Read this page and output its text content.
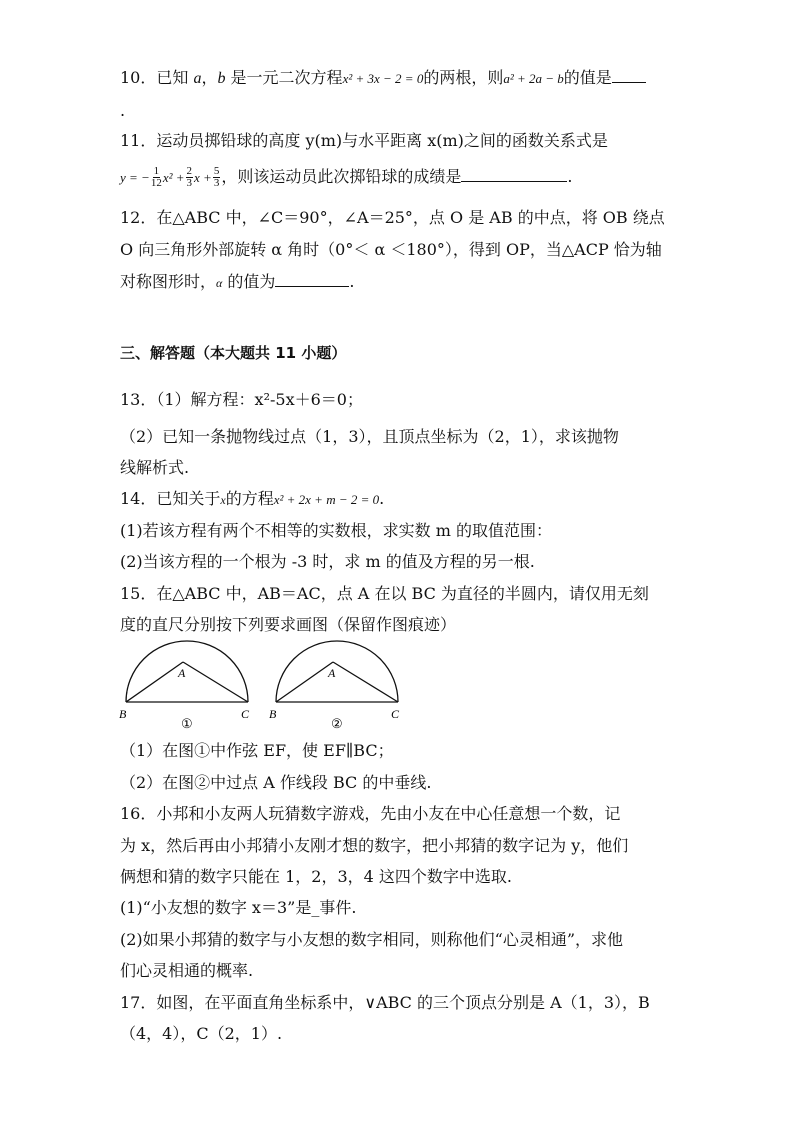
10．已知 a，b 是一元二次方程x² + 3x − 2 = 0的两根，则a² + 2a − b的值是
.
11．运动员掷铅球的高度 y(m)与水平距离 x(m)之间的函数关系式是
y = − $\frac{1}{12} x^2 + \frac{2}{3}$ $x + \frac{5}{3}$ ，则该运动员此次掷铅球的成绩是	.
12．在△ABC 中，∠C＝90°，∠A＝25°，点 O 是 AB 的中点，将 OB 绕点
O 向三角形外部旋转 α 角时（0°＜ α ＜180°），得到 OP，当△ACP 恰为轴
对称图形时，α 的值为	.
三、解答题（本大题共 11 小题）
13．（1）解方程：x²-5x＋6＝0；
（2）已知一条抛物线过点（1，3），且顶点坐标为（2，1），求该抛物
线解析式.
14．已知关于x的方程x² + 2x + m − 2 = 0.
(1)若该方程有两个不相等的实数根，求实数 m 的取值范围：
(2)当该方程的一个根为 -3 时，求 m 的值及方程的另一根.
15．在△ABC 中，AB＝AC，点 A 在以 BC 为直径的半圆内，请仅用无刻
度的直尺分别按下列要求画图（保留作图痕迹）
A
B	C
①
A
B	C
②
（1）在图①中作弦 EF，使 EF∥BC；
（2）在图②中过点 A 作线段 BC 的中垂线.
16．小邦和小友两人玩猜数字游戏，先由小友在中心任意想一个数，记
为 x，然后再由小邦猜小友刚才想的数字，把小邦猜的数字记为 y，他们
俩想和猜的数字只能在 1，2，3，4 这四个数字中选取.
(1)“小友想的数字 x＝3”是_事件.
(2)如果小邦猜的数字与小友想的数字相同，则称他们“心灵相通”，求他
们心灵相通的概率.
17．如图，在平面直角坐标系中，∨ABC 的三个顶点分别是 A（1，3），B
（4，4），C（2，1）.
